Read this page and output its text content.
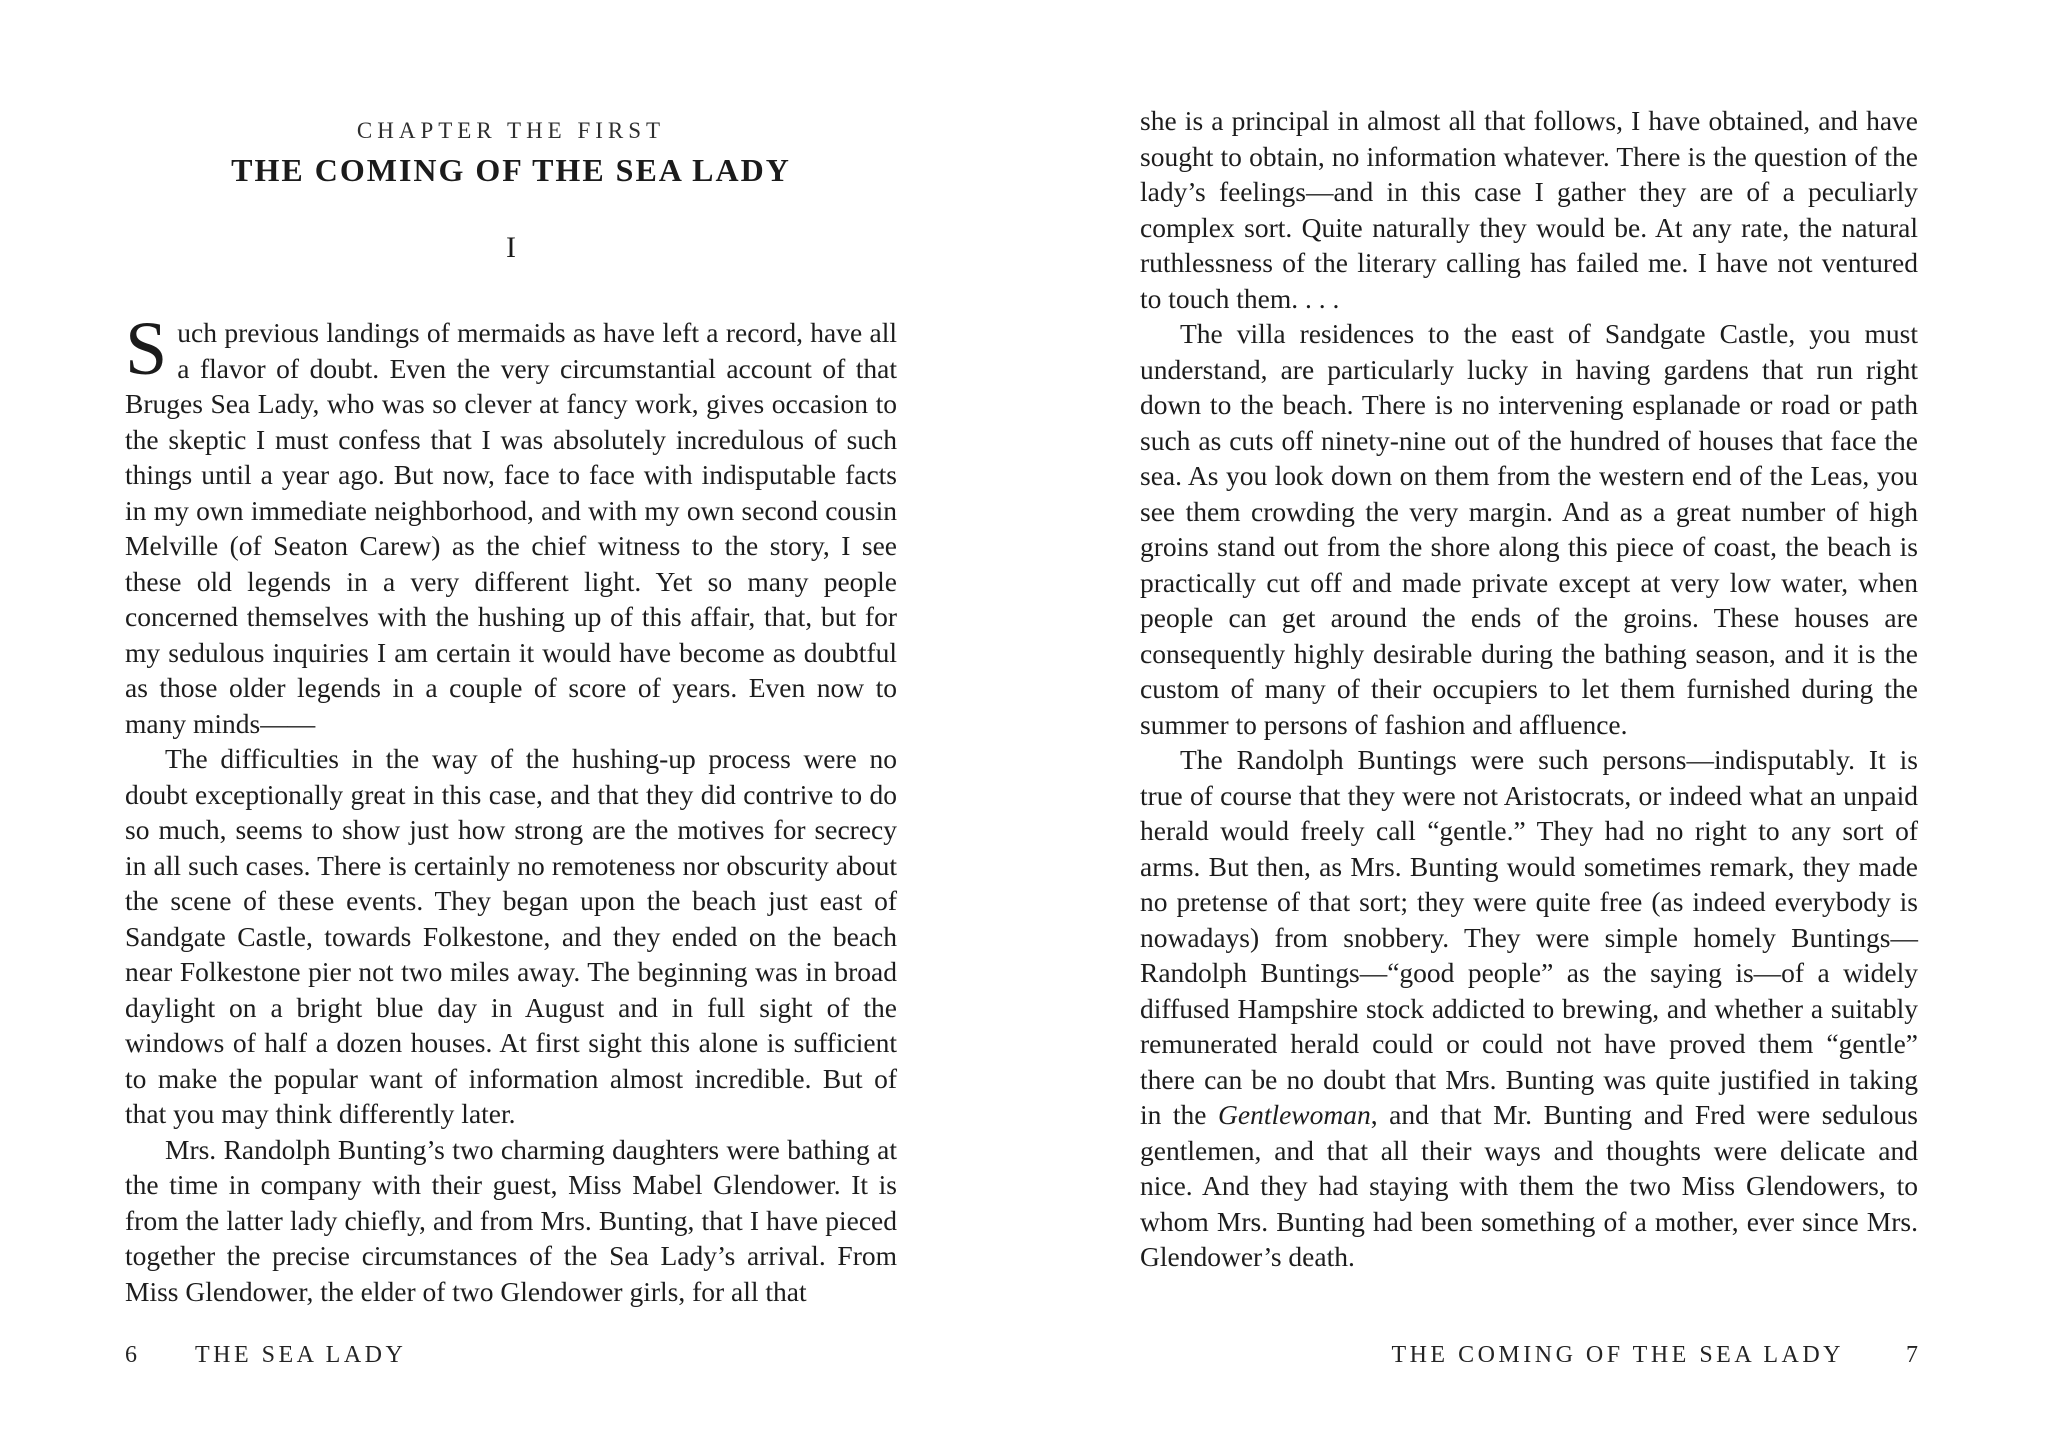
CHAPTER THE FIRST
THE COMING OF THE SEA LADY
I

Such previous landings of mermaids as have left a record, have all a flavor of doubt. Even the very circumstantial account of that Bruges Sea Lady, who was so clever at fancy work, gives occasion to the skeptic I must confess that I was absolutely incredulous of such things until a year ago. But now, face to face with indisputable facts in my own immediate neighborhood, and with my own second cousin Melville (of Seaton Carew) as the chief witness to the story, I see these old legends in a very different light. Yet so many people concerned themselves with the hushing up of this affair, that, but for my sedulous inquiries I am certain it would have become as doubtful as those older legends in a couple of score of years. Even now to many minds——

The difficulties in the way of the hushing-up process were no doubt exceptionally great in this case, and that they did contrive to do so much, seems to show just how strong are the motives for secrecy in all such cases. There is certainly no remoteness nor obscurity about the scene of these events. They began upon the beach just east of Sandgate Castle, towards Folkestone, and they ended on the beach near Folkestone pier not two miles away. The beginning was in broad daylight on a bright blue day in August and in full sight of the windows of half a dozen houses. At first sight this alone is sufficient to make the popular want of information almost incredible. But of that you may think differently later.

Mrs. Randolph Bunting’s two charming daughters were bathing at the time in company with their guest, Miss Mabel Glendower. It is from the latter lady chiefly, and from Mrs. Bunting, that I have pieced together the precise circumstances of the Sea Lady’s arrival. From Miss Glendower, the elder of two Glendower girls, for all that

she is a principal in almost all that follows, I have obtained, and have sought to obtain, no information whatever. There is the question of the lady’s feelings—and in this case I gather they are of a peculiarly complex sort. Quite naturally they would be. At any rate, the natural ruthlessness of the literary calling has failed me. I have not ventured to touch them. . . .

The villa residences to the east of Sandgate Castle, you must understand, are particularly lucky in having gardens that run right down to the beach. There is no intervening esplanade or road or path such as cuts off ninety-nine out of the hundred of houses that face the sea. As you look down on them from the western end of the Leas, you see them crowding the very margin. And as a great number of high groins stand out from the shore along this piece of coast, the beach is practically cut off and made private except at very low water, when people can get around the ends of the groins. These houses are consequently highly desirable during the bathing season, and it is the custom of many of their occupiers to let them furnished during the summer to persons of fashion and affluence.

The Randolph Buntings were such persons—indisputably. It is true of course that they were not Aristocrats, or indeed what an unpaid herald would freely call “gentle.” They had no right to any sort of arms. But then, as Mrs. Bunting would sometimes remark, they made no pretense of that sort; they were quite free (as indeed everybody is nowadays) from snobbery. They were simple homely Buntings—Randolph Buntings—“good people” as the saying is—of a widely diffused Hampshire stock addicted to brewing, and whether a suitably remunerated herald could or could not have proved them “gentle” there can be no doubt that Mrs. Bunting was quite justified in taking in the Gentlewoman, and that Mr. Bunting and Fred were sedulous gentlemen, and that all their ways and thoughts were delicate and nice. And they had staying with them the two Miss Glendowers, to whom Mrs. Bunting had been something of a mother, ever since Mrs. Glendower’s death.

6 THE SEA LADY	THE COMING OF THE SEA LADY	7
